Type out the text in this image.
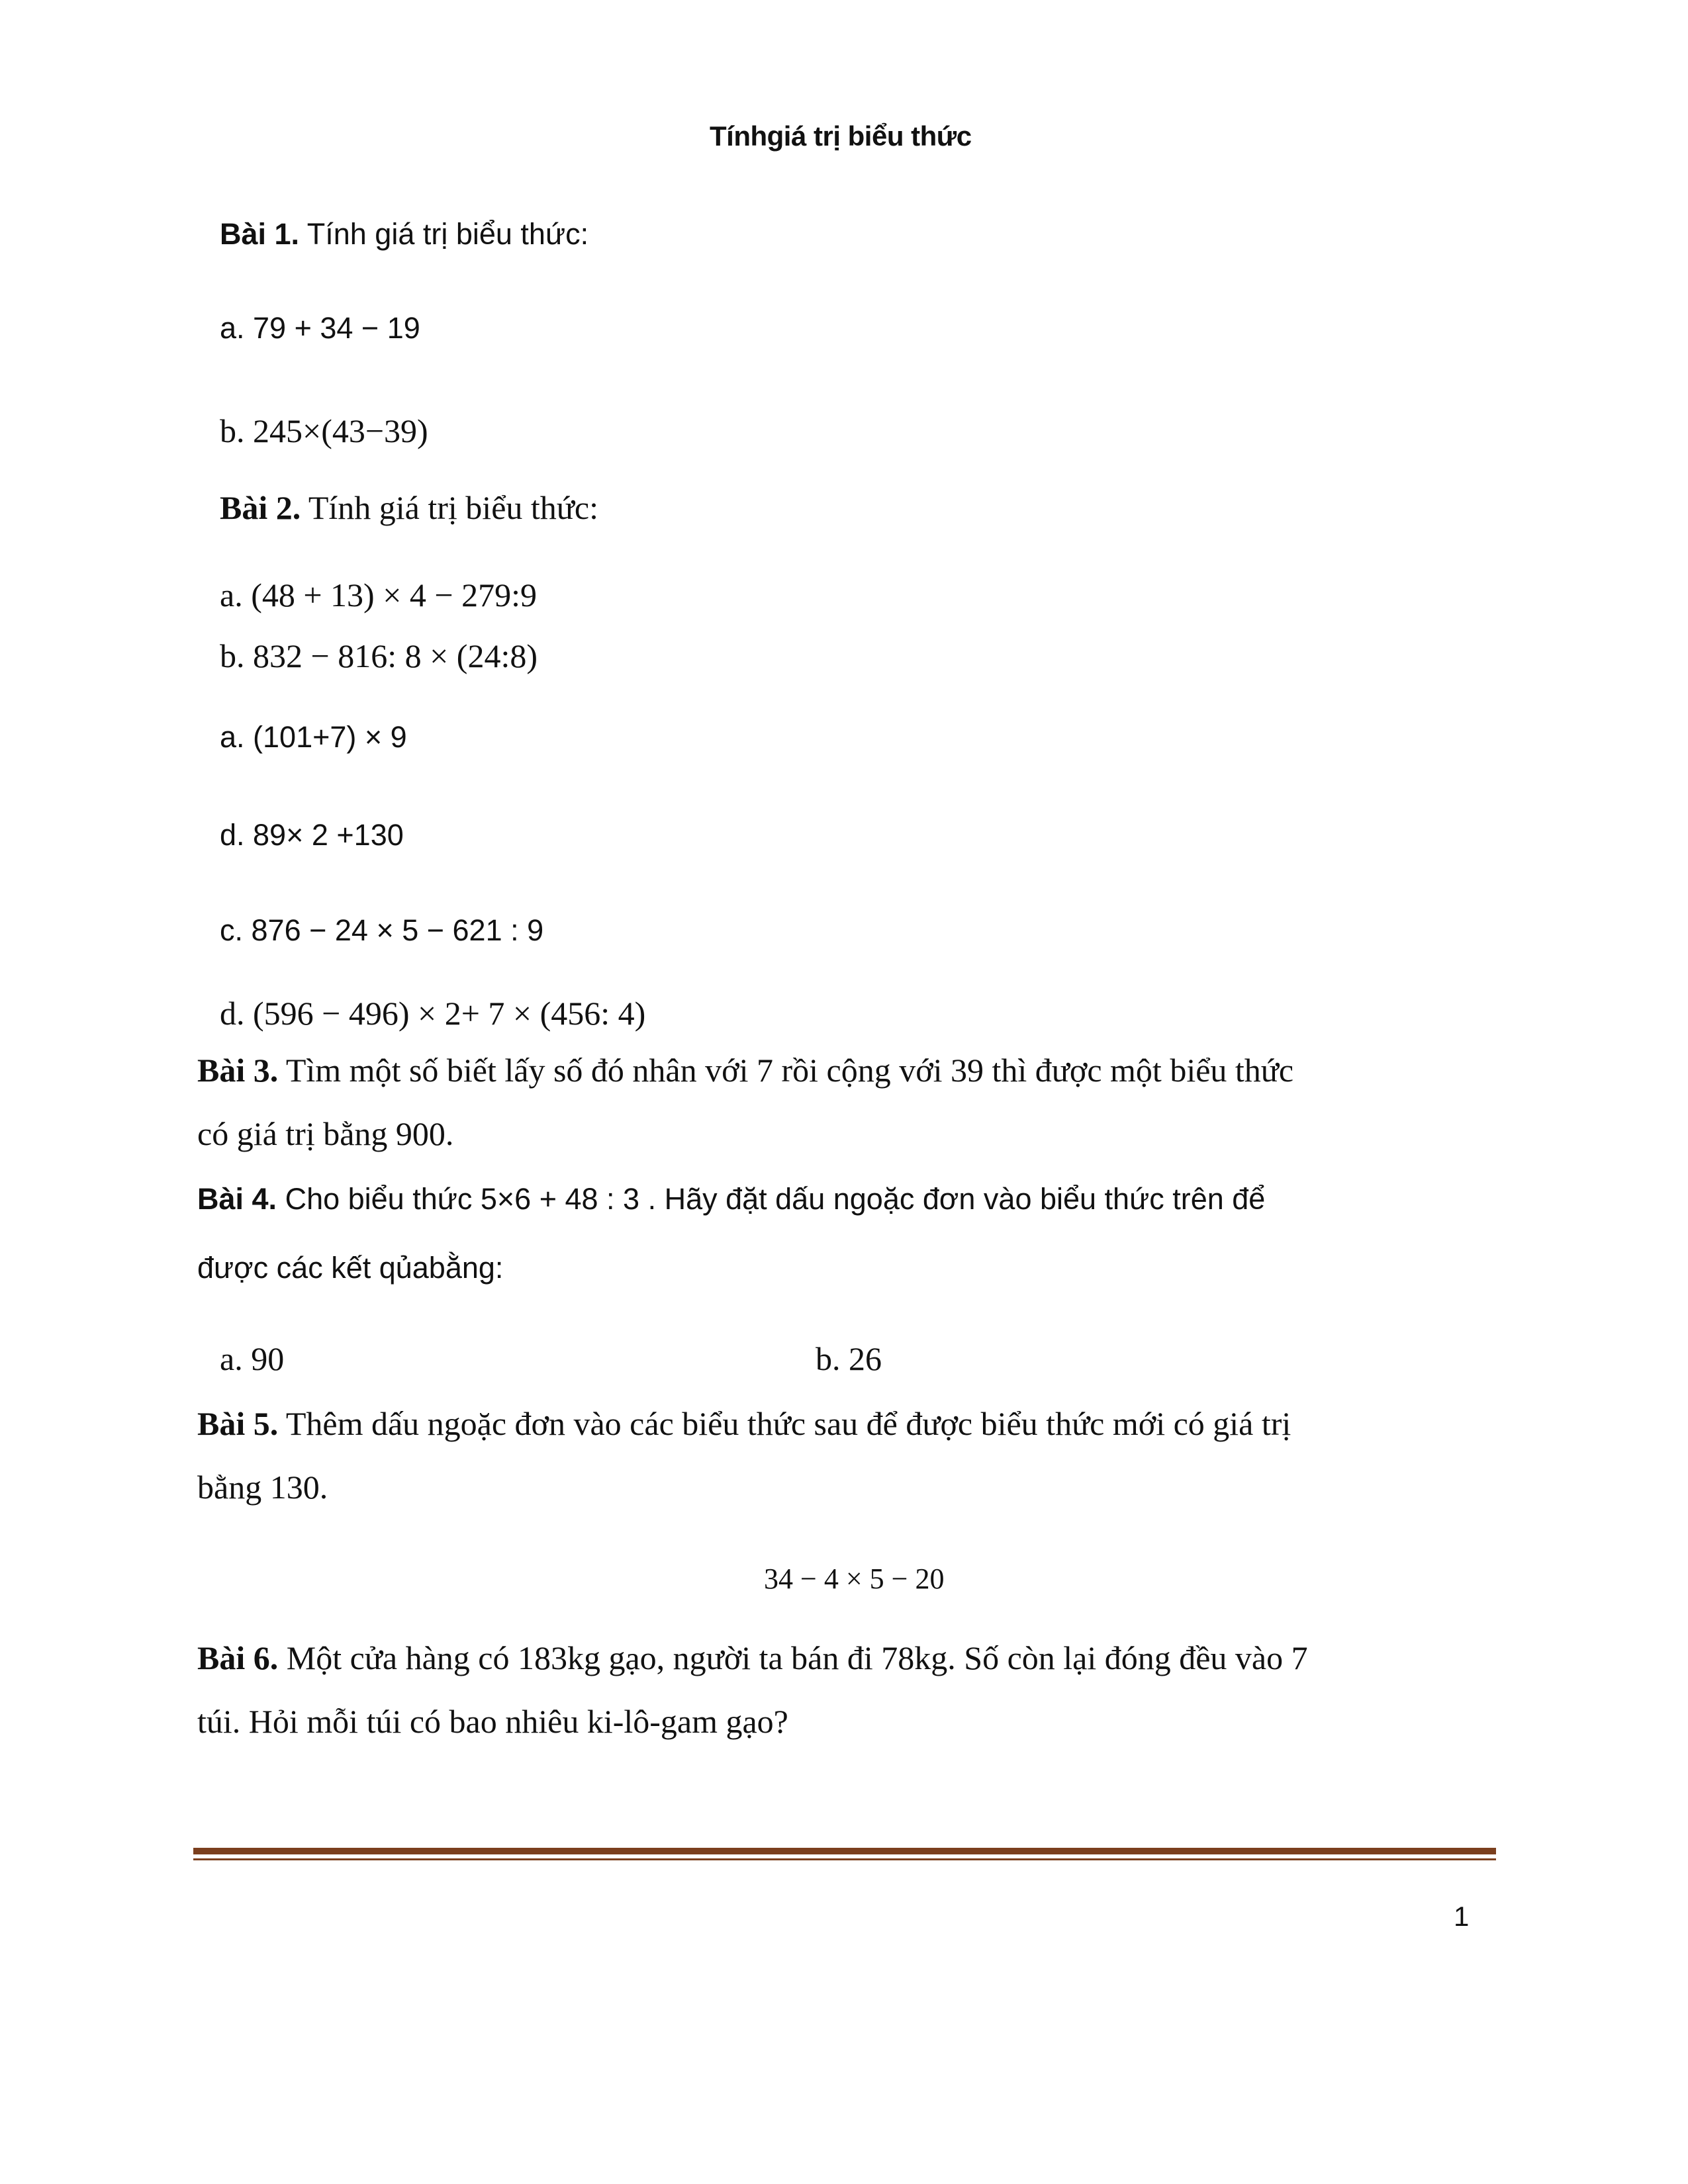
Tínhgiá trị biểu thức
Bài 1. Tính giá trị biểu thức:
a. 79 + 34 − 19
b. 245×(43−39)
Bài 2. Tính giá trị biểu thức:
a. (48 + 13) × 4 − 279:9
b. 832 − 816: 8 × (24:8)
a. (101+7) × 9
d. 89× 2 +130
c. 876 − 24 × 5 − 621 : 9
d. (596 − 496) × 2+ 7 × (456: 4)
Bài 3. Tìm một số biết lấy số đó nhân với 7 rồi cộng với 39 thì được một biểu thức
có giá trị bằng 900.
Bài 4. Cho biểu thức 5×6 + 48 : 3 . Hãy đặt dấu ngoặc đơn vào biểu thức trên để
được các kết qủabằng:
a. 90	b. 26
Bài 5. Thêm dấu ngoặc đơn vào các biểu thức sau để được biểu thức mới có giá trị
bằng 130.
34 − 4 × 5 − 20
Bài 6. Một cửa hàng có 183kg gạo, người ta bán đi 78kg. Số còn lại đóng đều vào 7
túi. Hỏi mỗi túi có bao nhiêu ki-lô-gam gạo?
1
